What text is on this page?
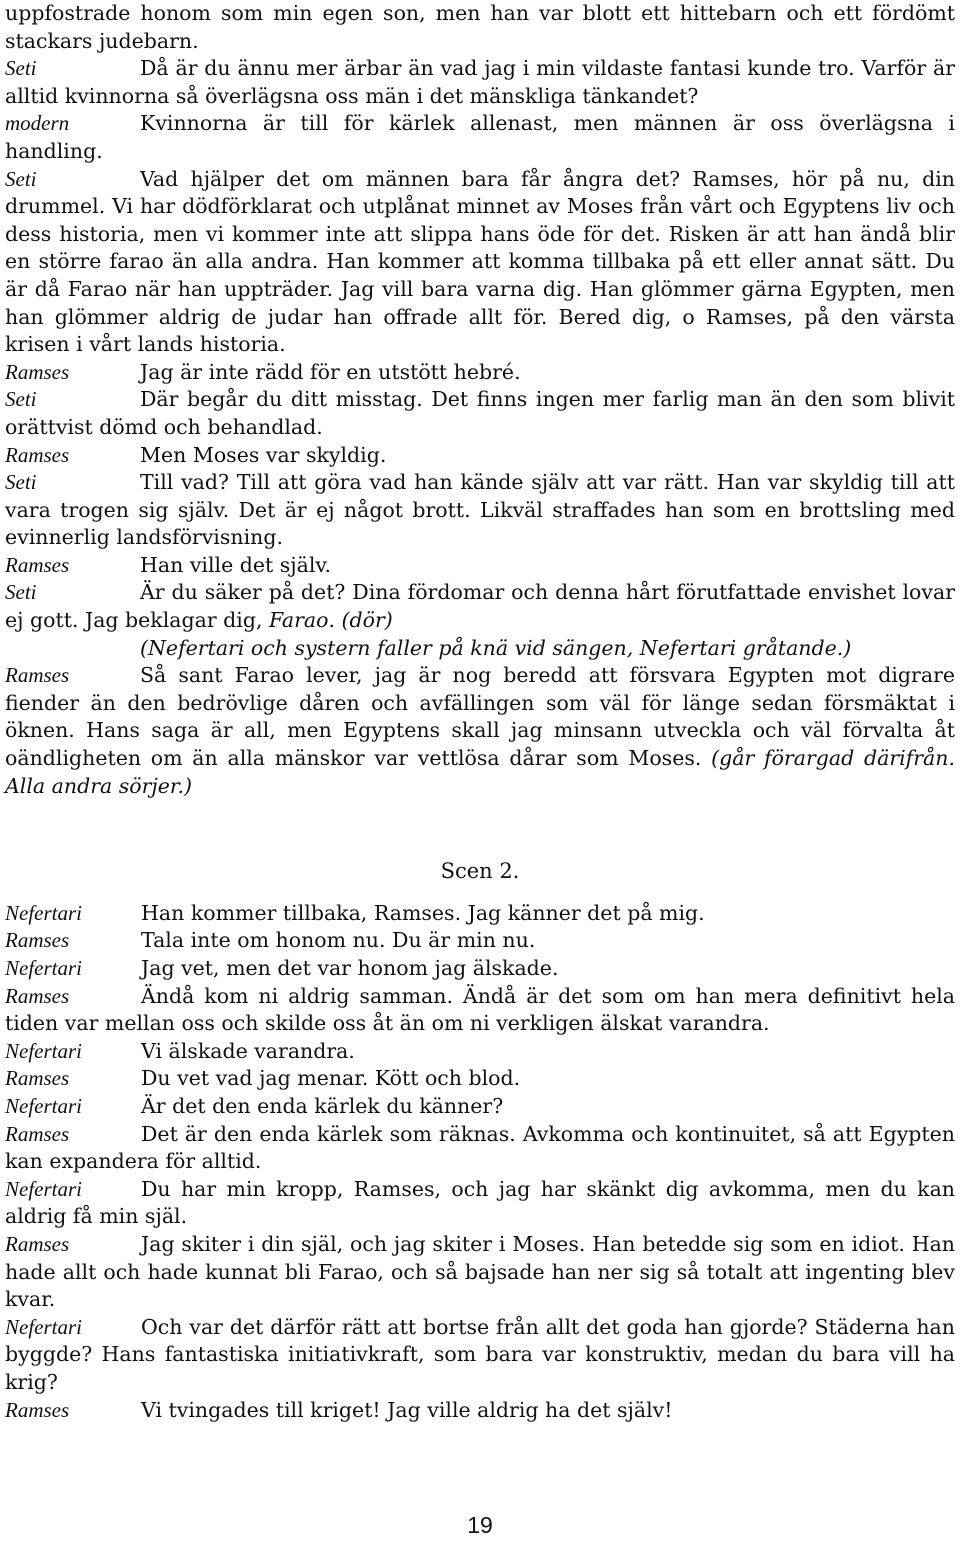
uppfostrade honom som min egen son, men han var blott ett hittebarn och ett fördömt stackars judebarn.

Seti	Då är du ännu mer ärbar än vad jag i min vildaste fantasi kunde tro. Varför är alltid kvinnorna så överlägsna oss män i det mänskliga tänkandet?

modern	Kvinnorna är till för kärlek allenast, men männen är oss överlägsna i handling.

Seti	Vad hjälper det om männen bara får ångra det? Ramses, hör på nu, din drummel. Vi har dödförklarat och utplånat minnet av Moses från vårt och Egyptens liv och dess historia, men vi kommer inte att slippa hans öde för det. Risken är att han ändå blir en större farao än alla andra. Han kommer att komma tillbaka på ett eller annat sätt. Du är då Farao när han uppträder. Jag vill bara varna dig. Han glömmer gärna Egypten, men han glömmer aldrig de judar han offrade allt för. Bered dig, o Ramses, på den värsta krisen i vårt lands historia.

Ramses	Jag är inte rädd för en utstött hebré.

Seti	Där begår du ditt misstag. Det finns ingen mer farlig man än den som blivit orättvist dömd och behandlad.

Ramses	Men Moses var skyldig.

Seti	Till vad? Till att göra vad han kände själv att var rätt. Han var skyldig till att vara trogen sig själv. Det är ej något brott. Likväl straffades han som en brottsling med evinnerlig landsförvisning.

Ramses	Han ville det själv.

Seti	Är du säker på det? Dina fördomar och denna hårt förutfattade envishet lovar ej gott. Jag beklagar dig, Farao. (dör)

(Nefertari och systern faller på knä vid sängen, Nefertari gråtande.)

Ramses	Så sant Farao lever, jag är nog beredd att försvara Egypten mot digrare fiender än den bedrövlige dåren och avfällingen som väl för länge sedan försmäktat i öknen. Hans saga är all, men Egyptens skall jag minsann utveckla och väl förvalta åt oändligheten om än alla mänskor var vettlösa dårar som Moses. (går förargad därifrån. Alla andra sörjer.)

Scen 2.

Nefertari	Han kommer tillbaka, Ramses. Jag känner det på mig.

Ramses	Tala inte om honom nu. Du är min nu.

Nefertari	Jag vet, men det var honom jag älskade.

Ramses	Ändå kom ni aldrig samman. Ändå är det som om han mera definitivt hela tiden var mellan oss och skilde oss åt än om ni verkligen älskat varandra.

Nefertari	Vi älskade varandra.

Ramses	Du vet vad jag menar. Kött och blod.

Nefertari	Är det den enda kärlek du känner?

Ramses	Det är den enda kärlek som räknas. Avkomma och kontinuitet, så att Egypten kan expandera för alltid.

Nefertari	Du har min kropp, Ramses, och jag har skänkt dig avkomma, men du kan aldrig få min själ.

Ramses	Jag skiter i din själ, och jag skiter i Moses. Han betedde sig som en idiot. Han hade allt och hade kunnat bli Farao, och så bajsade han ner sig så totalt att ingenting blev kvar.

Nefertari	Och var det därför rätt att bortse från allt det goda han gjorde? Städerna han byggde? Hans fantastiska initiativkraft, som bara var konstruktiv, medan du bara vill ha krig?

Ramses	Vi tvingades till kriget! Jag ville aldrig ha det själv!

19
